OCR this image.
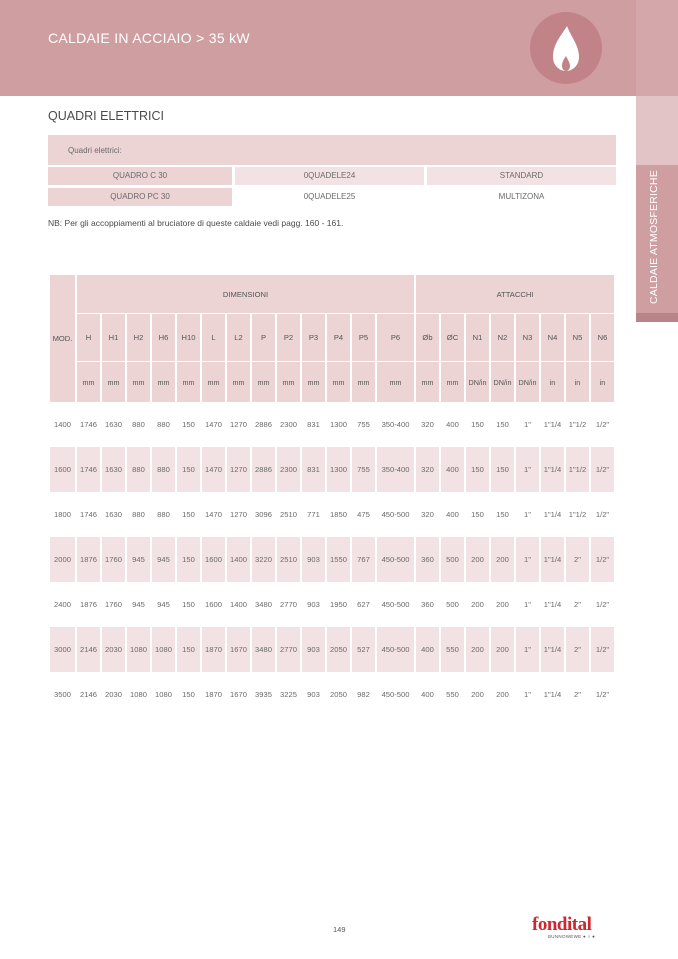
CALDAIE IN ACCIAIO > 35 kW
CALDAIE ATMOSFERICHE
QUADRI ELETTRICI
Quadri elettrici:
QUADRO C 30	0QUADELE24	STANDARD
QUADRO PC 30	0QUADELE25	MULTIZONA
NB: Per gli accoppiamenti al bruciatore di queste caldaie vedi pagg. 160 - 161.
MOD.	DIMENSIONI													ATTACCHI							
	H	H1	H2	H6	H10	L	L2	P	P2	P3	P4	P5	P6	Øb	ØC	N1	N2	N3	N4	N5	N6
	mm	mm	mm	mm	mm	mm	mm	mm	mm	mm	mm	mm	mm	mm	mm	DN/in	DN/in	DN/in	in	in	in
1400	1746	1630	880	880	150	1470	1270	2886	2300	831	1300	755	350-400	320	400	150	150	1"	1"1/4	1"1/2	1/2"
1600	1746	1630	880	880	150	1470	1270	2886	2300	831	1300	755	350-400	320	400	150	150	1"	1"1/4	1"1/2	1/2"
1800	1746	1630	880	880	150	1470	1270	3096	2510	771	1850	475	450-500	320	400	150	150	1"	1"1/4	1"1/2	1/2"
2000	1876	1760	945	945	150	1600	1400	3220	2510	903	1550	767	450-500	360	500	200	200	1"	1"1/4	2"	1/2"
2400	1876	1760	945	945	150	1600	1400	3480	2770	903	1950	627	450-500	360	500	200	200	1"	1"1/4	2"	1/2"
3000	2146	2030	1080	1080	150	1870	1670	3480	2770	903	2050	527	450-500	400	550	200	200	1"	1"1/4	2"	1/2"
3500	2146	2030	1080	1080	150	1870	1670	3935	3225	903	2050	982	450-500	400	550	200	200	1"	1"1/4	2"	1/2"
149	fondital
BUNNOWEWE ● ○ ●
